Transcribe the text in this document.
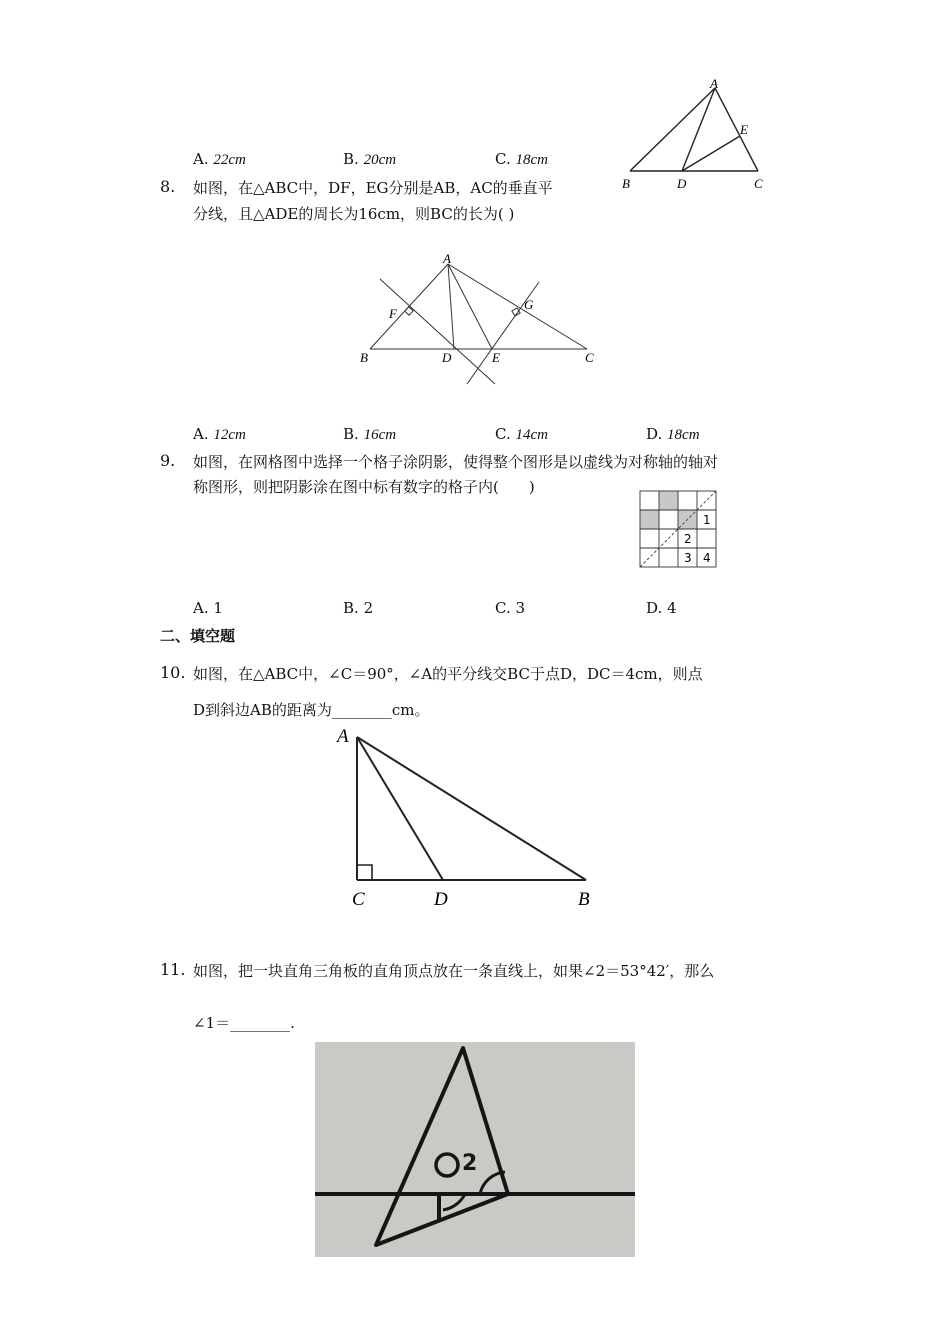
A. 22cm	B. 20cm	C. 18cm
A
B	C
D
E
8. 如图，在△ABC中，DF，EG分别是AB，AC的垂直平
分线，且△ADE的周长为16cm，则BC的长为( )
A
B	C
D	E
F
G
A. 12cm	B. 16cm	C. 14cm	D. 18cm
9. 如图，在网格图中选择一个格子涂阴影，使得整个图形是以虚线为对称轴的轴对
称图形，则把阴影涂在图中标有数字的格子内(　　)
1
2
3 4
A. 1	B. 2	C. 3	D. 4
二、填空题
10. 如图，在△ABC中，∠C＝90°，∠A的平分线交BC于点D，DC＝4cm，则点
D到斜边AB的距离为________cm。
A
C	D	B
11. 如图，把一块直角三角板的直角顶点放在一条直线上，如果∠2＝53°42′，那么
∠1＝________.
2
